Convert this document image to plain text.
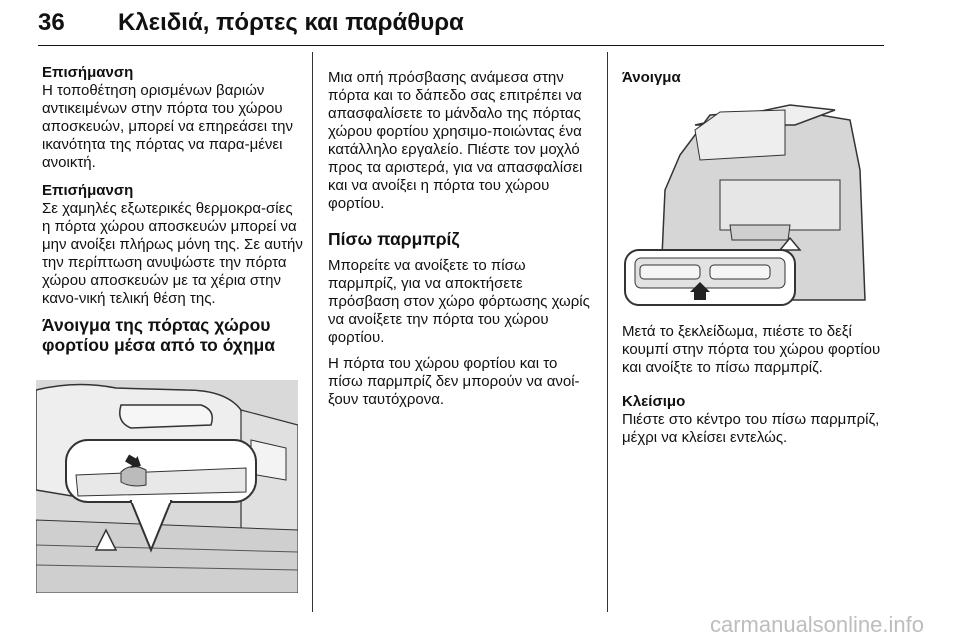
36 Κλειδιά, πόρτες και παράθυρα

Επισήμανση

Η τοποθέτηση ορισμένων βαριών αντικειμένων στην πόρτα του χώρου αποσκευών, μπορεί να επηρεάσει την ικανότητα της πόρτας να παρα‐μένει ανοικτή.

Επισήμανση

Σε χαμηλές εξωτερικές θερμοκρα‐σίες η πόρτα χώρου αποσκευών μπορεί να μην ανοίξει πλήρως μόνη της. Σε αυτήν την περίπτωση ανυψώστε την πόρτα χώρου αποσκευών με τα χέρια στην κανο‐νική τελική θέση της.

Άνοιγμα της πόρτας χώρου φορτίου μέσα από το όχημα

Μια οπή πρόσβασης ανάμεσα στην πόρτα και το δάπεδο σας επιτρέπει να απασφαλίσετε το μάνδαλο της πόρτας χώρου φορτίου χρησιμο‐ποιώντας ένα κατάλληλο εργαλείο. Πιέστε τον μοχλό προς τα αριστερά, για να απασφαλίσει και να ανοίξει η πόρτα του χώρου φορτίου.

Πίσω παρμπρίζ

Μπορείτε να ανοίξετε το πίσω παρμπρίζ, για να αποκτήσετε πρόσβαση στον χώρο φόρτωσης χωρίς να ανοίξετε την πόρτα του χώρου φορτίου.

Η πόρτα του χώρου φορτίου και το πίσω παρμπρίζ δεν μπορούν να ανοί‐ξουν ταυτόχρονα.

Άνοιγμα

Μετά το ξεκλείδωμα, πιέστε το δεξί κουμπί στην πόρτα του χώρου φορτίου και ανοίξτε το πίσω παρμπρίζ.

Κλείσιμο

Πιέστε στο κέντρο του πίσω παρμπρίζ, μέχρι να κλείσει εντελώς.

carmanualsonline.info
